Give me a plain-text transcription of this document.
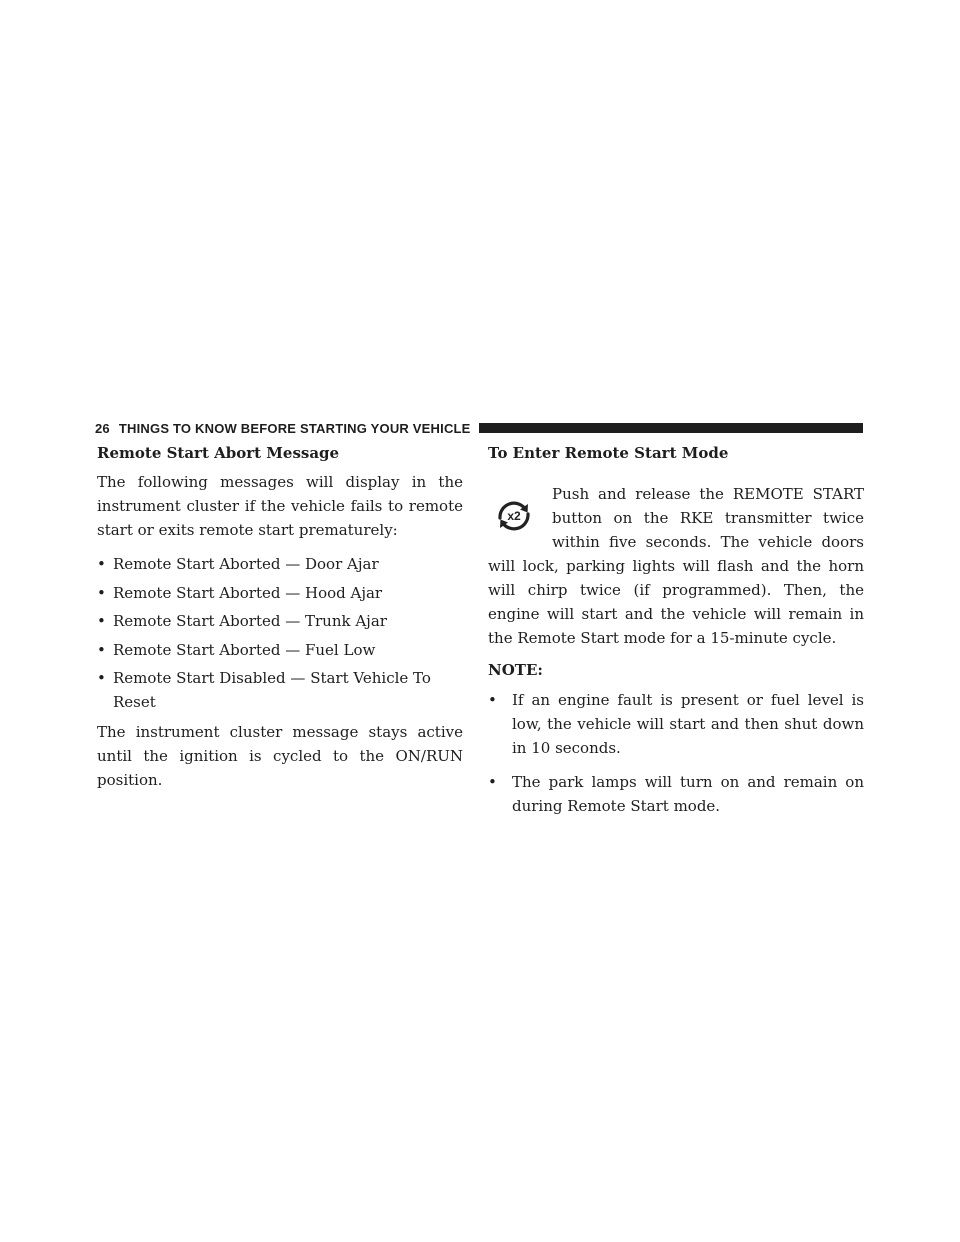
26 THINGS TO KNOW BEFORE STARTING YOUR VEHICLE
Remote Start Abort Message

The following messages will display in the instrument cluster if the vehicle fails to remote start or exits remote start prematurely:

• Remote Start Aborted — Door Ajar
• Remote Start Aborted — Hood Ajar
• Remote Start Aborted — Trunk Ajar
• Remote Start Aborted — Fuel Low
• Remote Start Disabled — Start Vehicle To Reset

The instrument cluster message stays active until the ignition is cycled to the ON/RUN position.

To Enter Remote Start Mode
x2

Push and release the REMOTE START button on the RKE transmitter twice within five seconds. The vehicle doors will lock, parking lights will flash and the horn will chirp twice (if programmed). Then, the engine will start and the vehicle will remain in the Remote Start mode for a 15-minute cycle.

NOTE:

• If an engine fault is present or fuel level is low, the vehicle will start and then shut down in 10 seconds.
• The park lamps will turn on and remain on during Remote Start mode.
